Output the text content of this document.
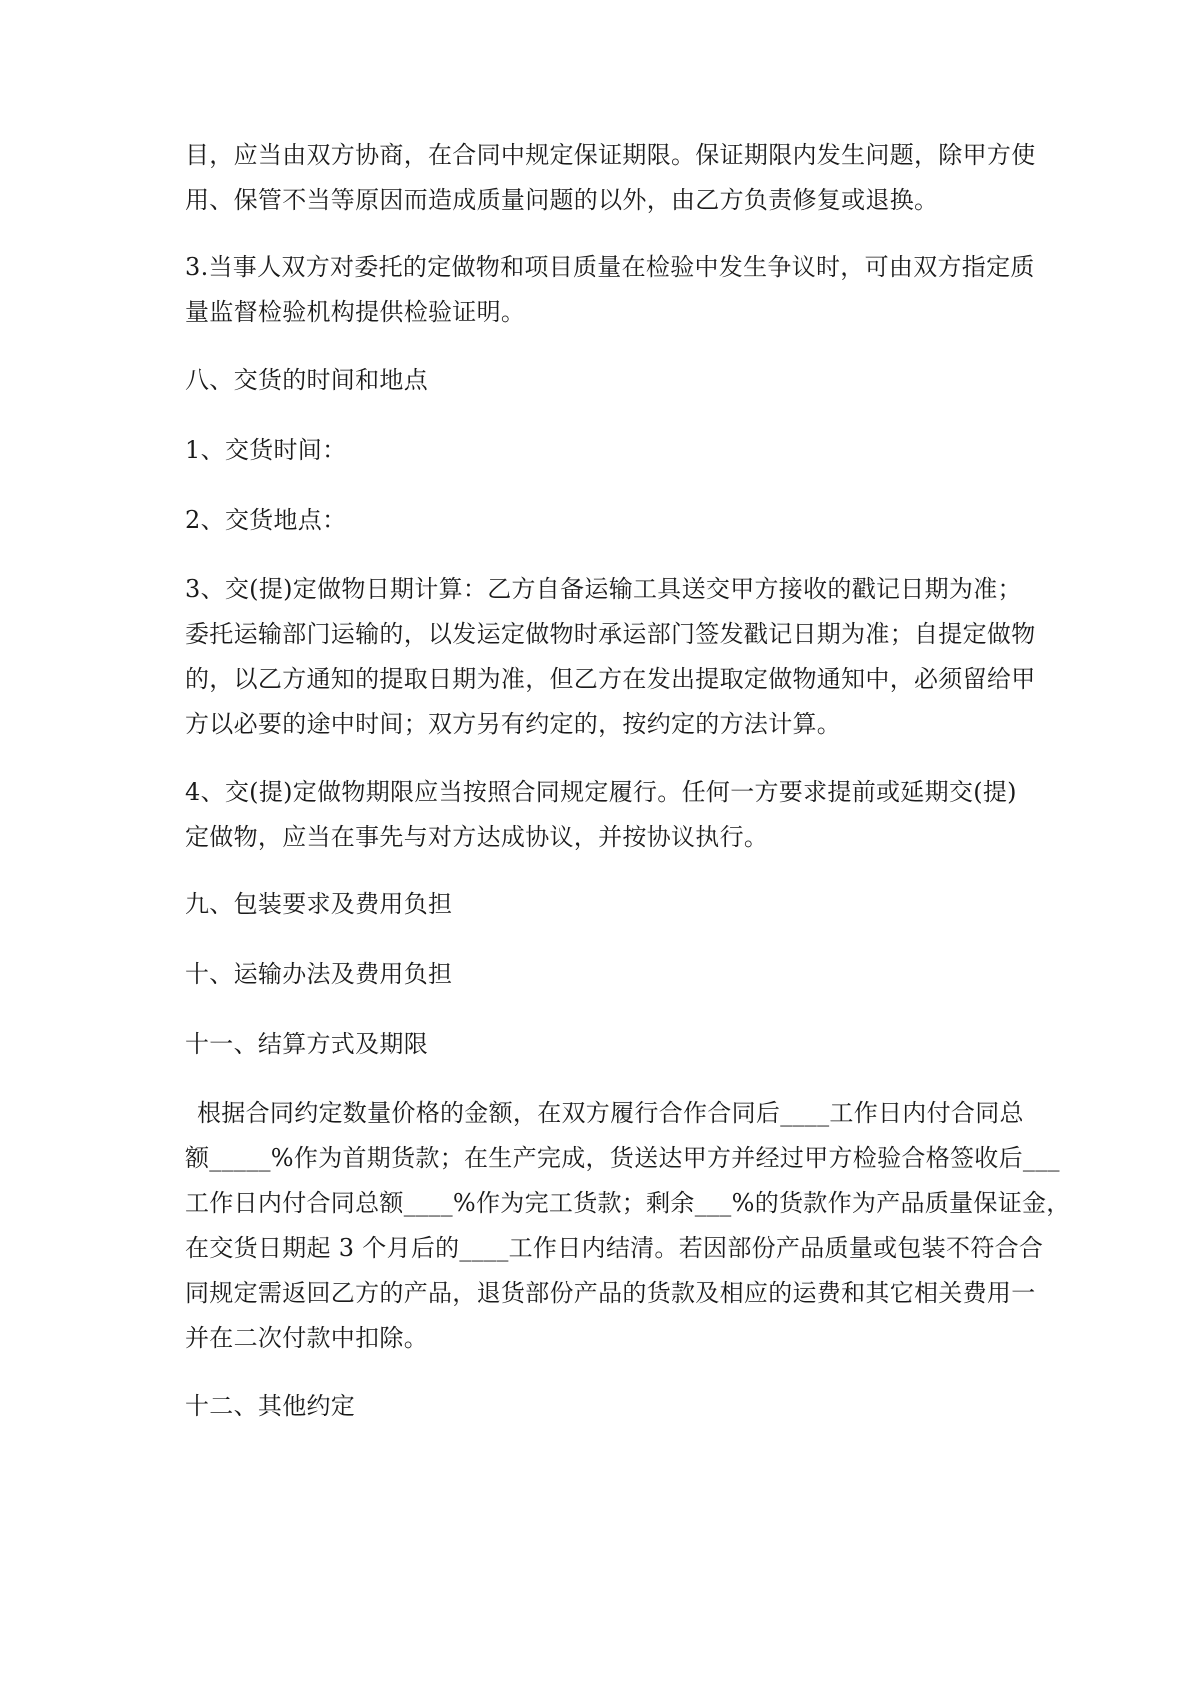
目，应当由双方协商，在合同中规定保证期限。保证期限内发生问题，除甲方使
用、保管不当等原因而造成质量问题的以外，由乙方负责修复或退换。
3.当事人双方对委托的定做物和项目质量在检验中发生争议时，可由双方指定质
量监督检验机构提供检验证明。
八、交货的时间和地点
1、交货时间：
2、交货地点：
3、交(提)定做物日期计算：乙方自备运输工具送交甲方接收的戳记日期为准；
委托运输部门运输的，以发运定做物时承运部门签发戳记日期为准；自提定做物
的，以乙方通知的提取日期为准，但乙方在发出提取定做物通知中，必须留给甲
方以必要的途中时间；双方另有约定的，按约定的方法计算。
4、交(提)定做物期限应当按照合同规定履行。任何一方要求提前或延期交(提)
定做物，应当在事先与对方达成协议，并按协议执行。
九、包装要求及费用负担
十、运输办法及费用负担
十一、结算方式及期限
根据合同约定数量价格的金额，在双方履行合作合同后____工作日内付合同总
额_____%作为首期货款；在生产完成，货送达甲方并经过甲方检验合格签收后___
工作日内付合同总额____%作为完工货款；剩余___%的货款作为产品质量保证金，
在交货日期起 3 个月后的____工作日内结清。若因部份产品质量或包装不符合合
同规定需返回乙方的产品，退货部份产品的货款及相应的运费和其它相关费用一
并在二次付款中扣除。
十二、其他约定
